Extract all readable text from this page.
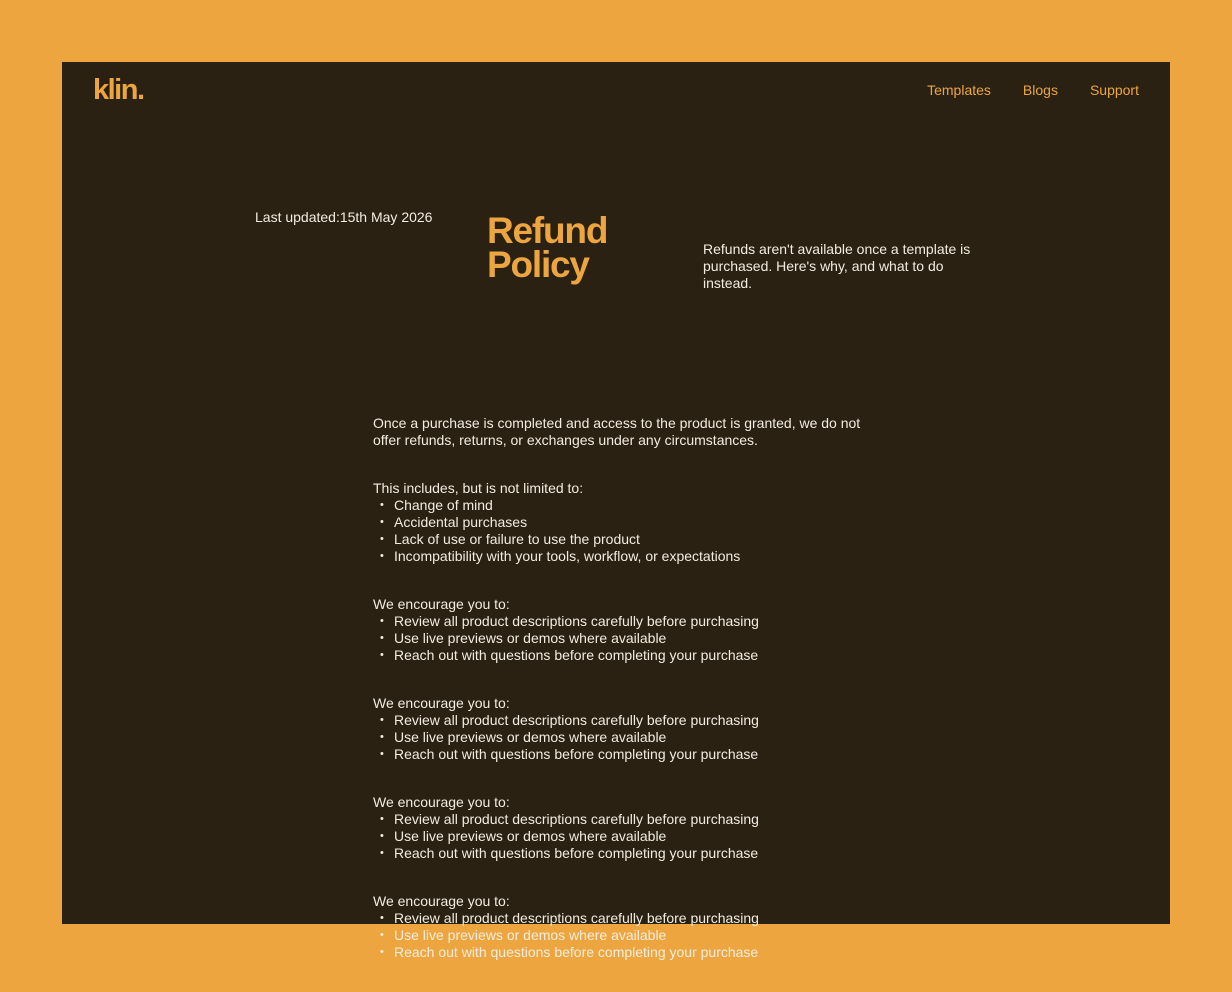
klin.	Templates Blogs Support
Last updated:15th May 2026 Refund Policy	Refunds aren't available once a template is purchased. Here's why, and what to do instead.

Once a purchase is completed and access to the product is granted, we do not offer refunds, returns, or exchanges under any circumstances.

This includes, but is not limited to:

• Change of mind
• Accidental purchases
• Lack of use or failure to use the product
• Incompatibility with your tools, workflow, or expectations

We encourage you to:

• Review all product descriptions carefully before purchasing
• Use live previews or demos where available
• Reach out with questions before completing your purchase

We encourage you to:

• Review all product descriptions carefully before purchasing
• Use live previews or demos where available
• Reach out with questions before completing your purchase

We encourage you to:

• Review all product descriptions carefully before purchasing
• Use live previews or demos where available
• Reach out with questions before completing your purchase

We encourage you to:

• Review all product descriptions carefully before purchasing
• Use live previews or demos where available
• Reach out with questions before completing your purchase
